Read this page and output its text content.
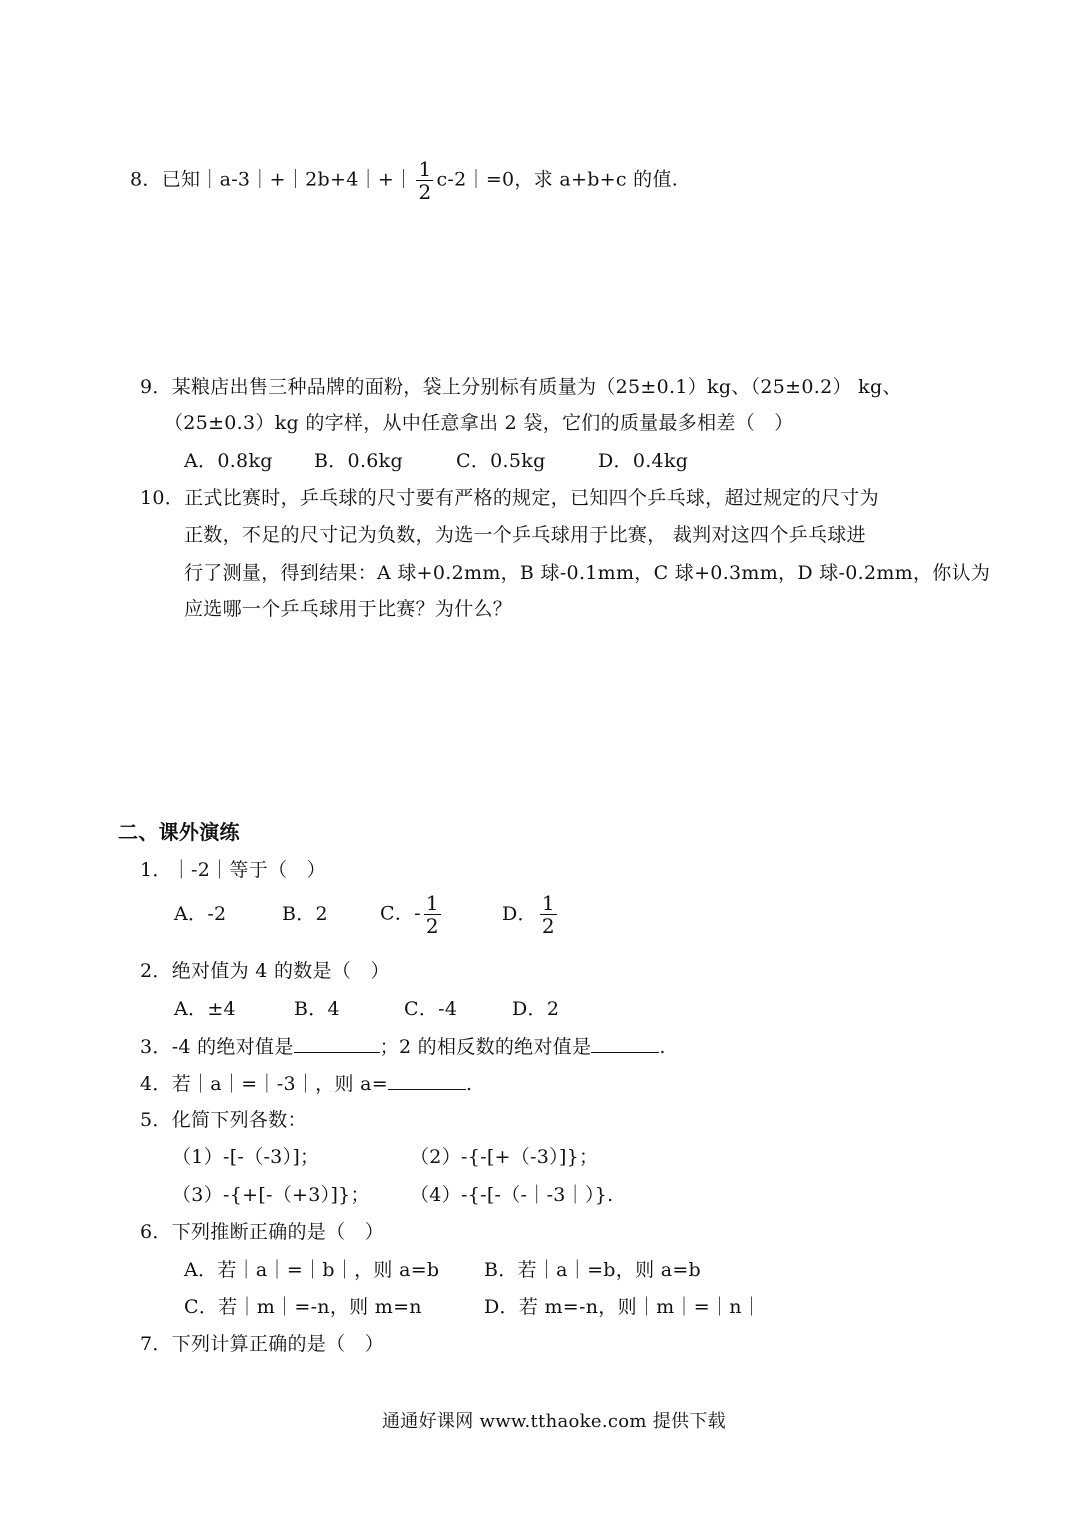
8．已知｜a-3｜+｜2b+4｜+｜ $\frac{1}{2}$ c-2｜=0，求 a+b+c 的值.
9．某粮店出售三种品牌的面粉，袋上分别标有质量为（25±0.1）kg、（25±0.2） kg、
（25±0.3）kg 的字样，从中任意拿出 2 袋，它们的质量最多相差（　）
A．0.8kg B．0.6kg	C．0.5kg	D．0.4kg
10．正式比赛时，乒乓球的尺寸要有严格的规定，已知四个乒乓球，超过规定的尺寸为
正数，不足的尺寸记为负数，为选一个乒乓球用于比赛， 裁判对这四个乒乓球进
行了测量，得到结果：A 球+0.2mm，B 球-0.1mm，C 球+0.3mm，D 球-0.2mm，你认为
应选哪一个乒乓球用于比赛？为什么？
二、课外演练
1．｜-2｜等于（　）
A．-2	B．2	C．- $\frac{1}{2}$	D． $\frac{1}{2}$
2．绝对值为 4 的数是（　）
A．±4	B．4	C．-4	D．2
3．-4 的绝对值是	；2 的相反数的绝对值是	.
4．若｜a｜=｜-3｜，则 a=	.
5．化简下列各数：
（1）-[-（-3）]；	（2）-{-[+（-3）]}；
（3）-{+[-（+3）]}； （4）-{-[-（-｜-3｜）}.
6．下列推断正确的是（　）
A．若｜a｜=｜b｜，则 a=b B．若｜a｜=b，则 a=b
C．若｜m｜=-n，则 m=n	D．若 m=-n，则｜m｜=｜n｜
7．下列计算正确的是（　）
通通好课网 www.tthaoke.com 提供下载
